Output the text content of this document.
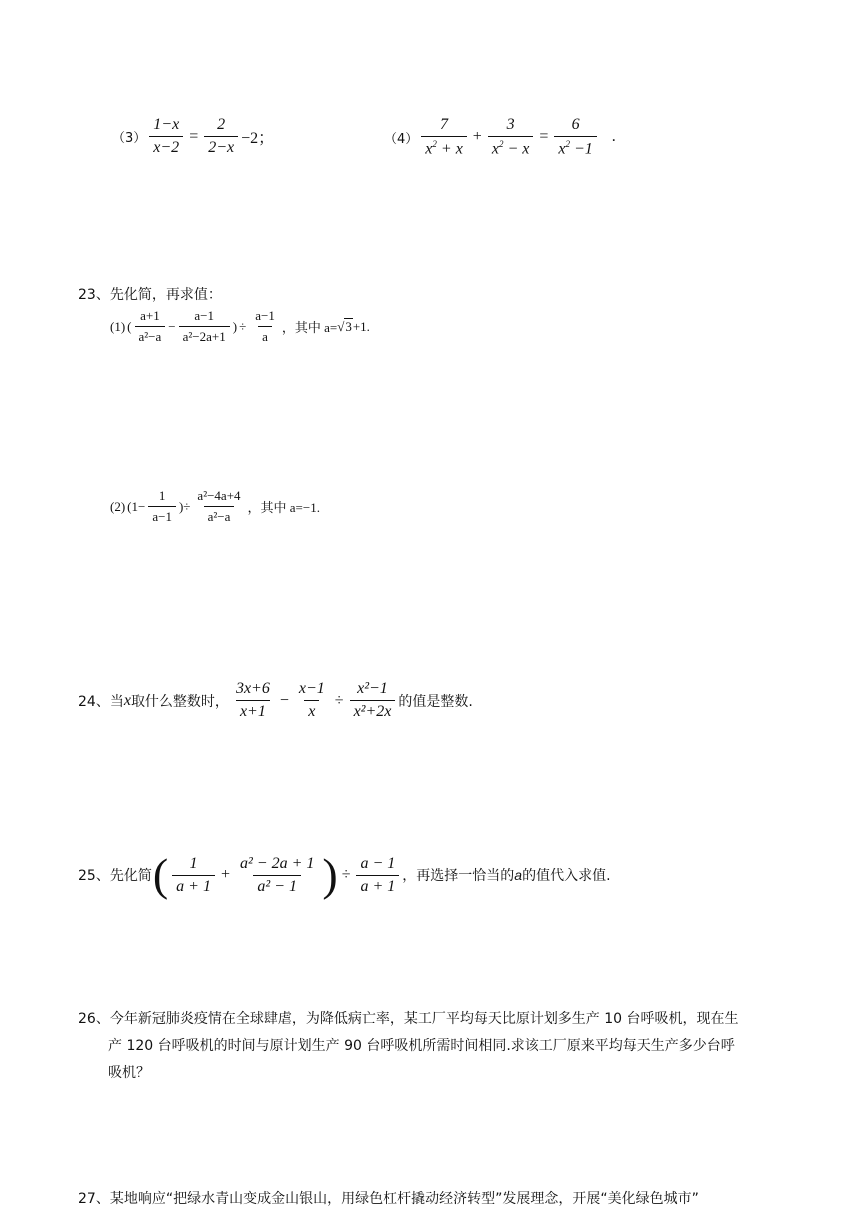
$(3) \frac{1-x}{x-2} = \frac{2}{2-x} -2$；	$(4) \frac{7}{x^2 + x} + \frac{3}{x^2 - x} = \frac{6}{x^2 -1}$ .
23、先化简，再求值：
(1) ( $\frac{a+1}{\text{a²−a}} - \frac{a-1}{\text{a²−2a+1}}$ ) ÷ $\frac{a-1}{a}$ ，其中 a= √3 +1.
(2) ($1- \frac{1}{a-1}$ )÷ $\frac{\text{a²−4a+4}}{\text{a²−a}}$ ，其中 a=−1.
24、当 x 取什么整数时， $\frac{3x+6}{x+1} - \frac{x-1}{x} \div \frac{\text{x²−1}}{\text{x²+2x}}$ 的值是整数.
25、先化简 ( $\frac{1}{a + 1} + \frac{\text{a² − 2a + 1}}{\text{a² − 1}}$ ) ÷ $\frac{a - 1}{a + 1}$ ，再选择一恰当的 a 的值代入求值.
26、今年新冠肺炎疫情在全球肆虐，为降低病亡率，某工厂平均每天比原计划多生产 10 台呼吸机，现在生
产 120 台呼吸机的时间与原计划生产 90 台呼吸机所需时间相同.求该工厂原来平均每天生产多少台呼
吸机？
27、某地响应“把绿水青山变成金山银山，用绿色杠杆撬动经济转型”发展理念，开展“美化绿色城市”
